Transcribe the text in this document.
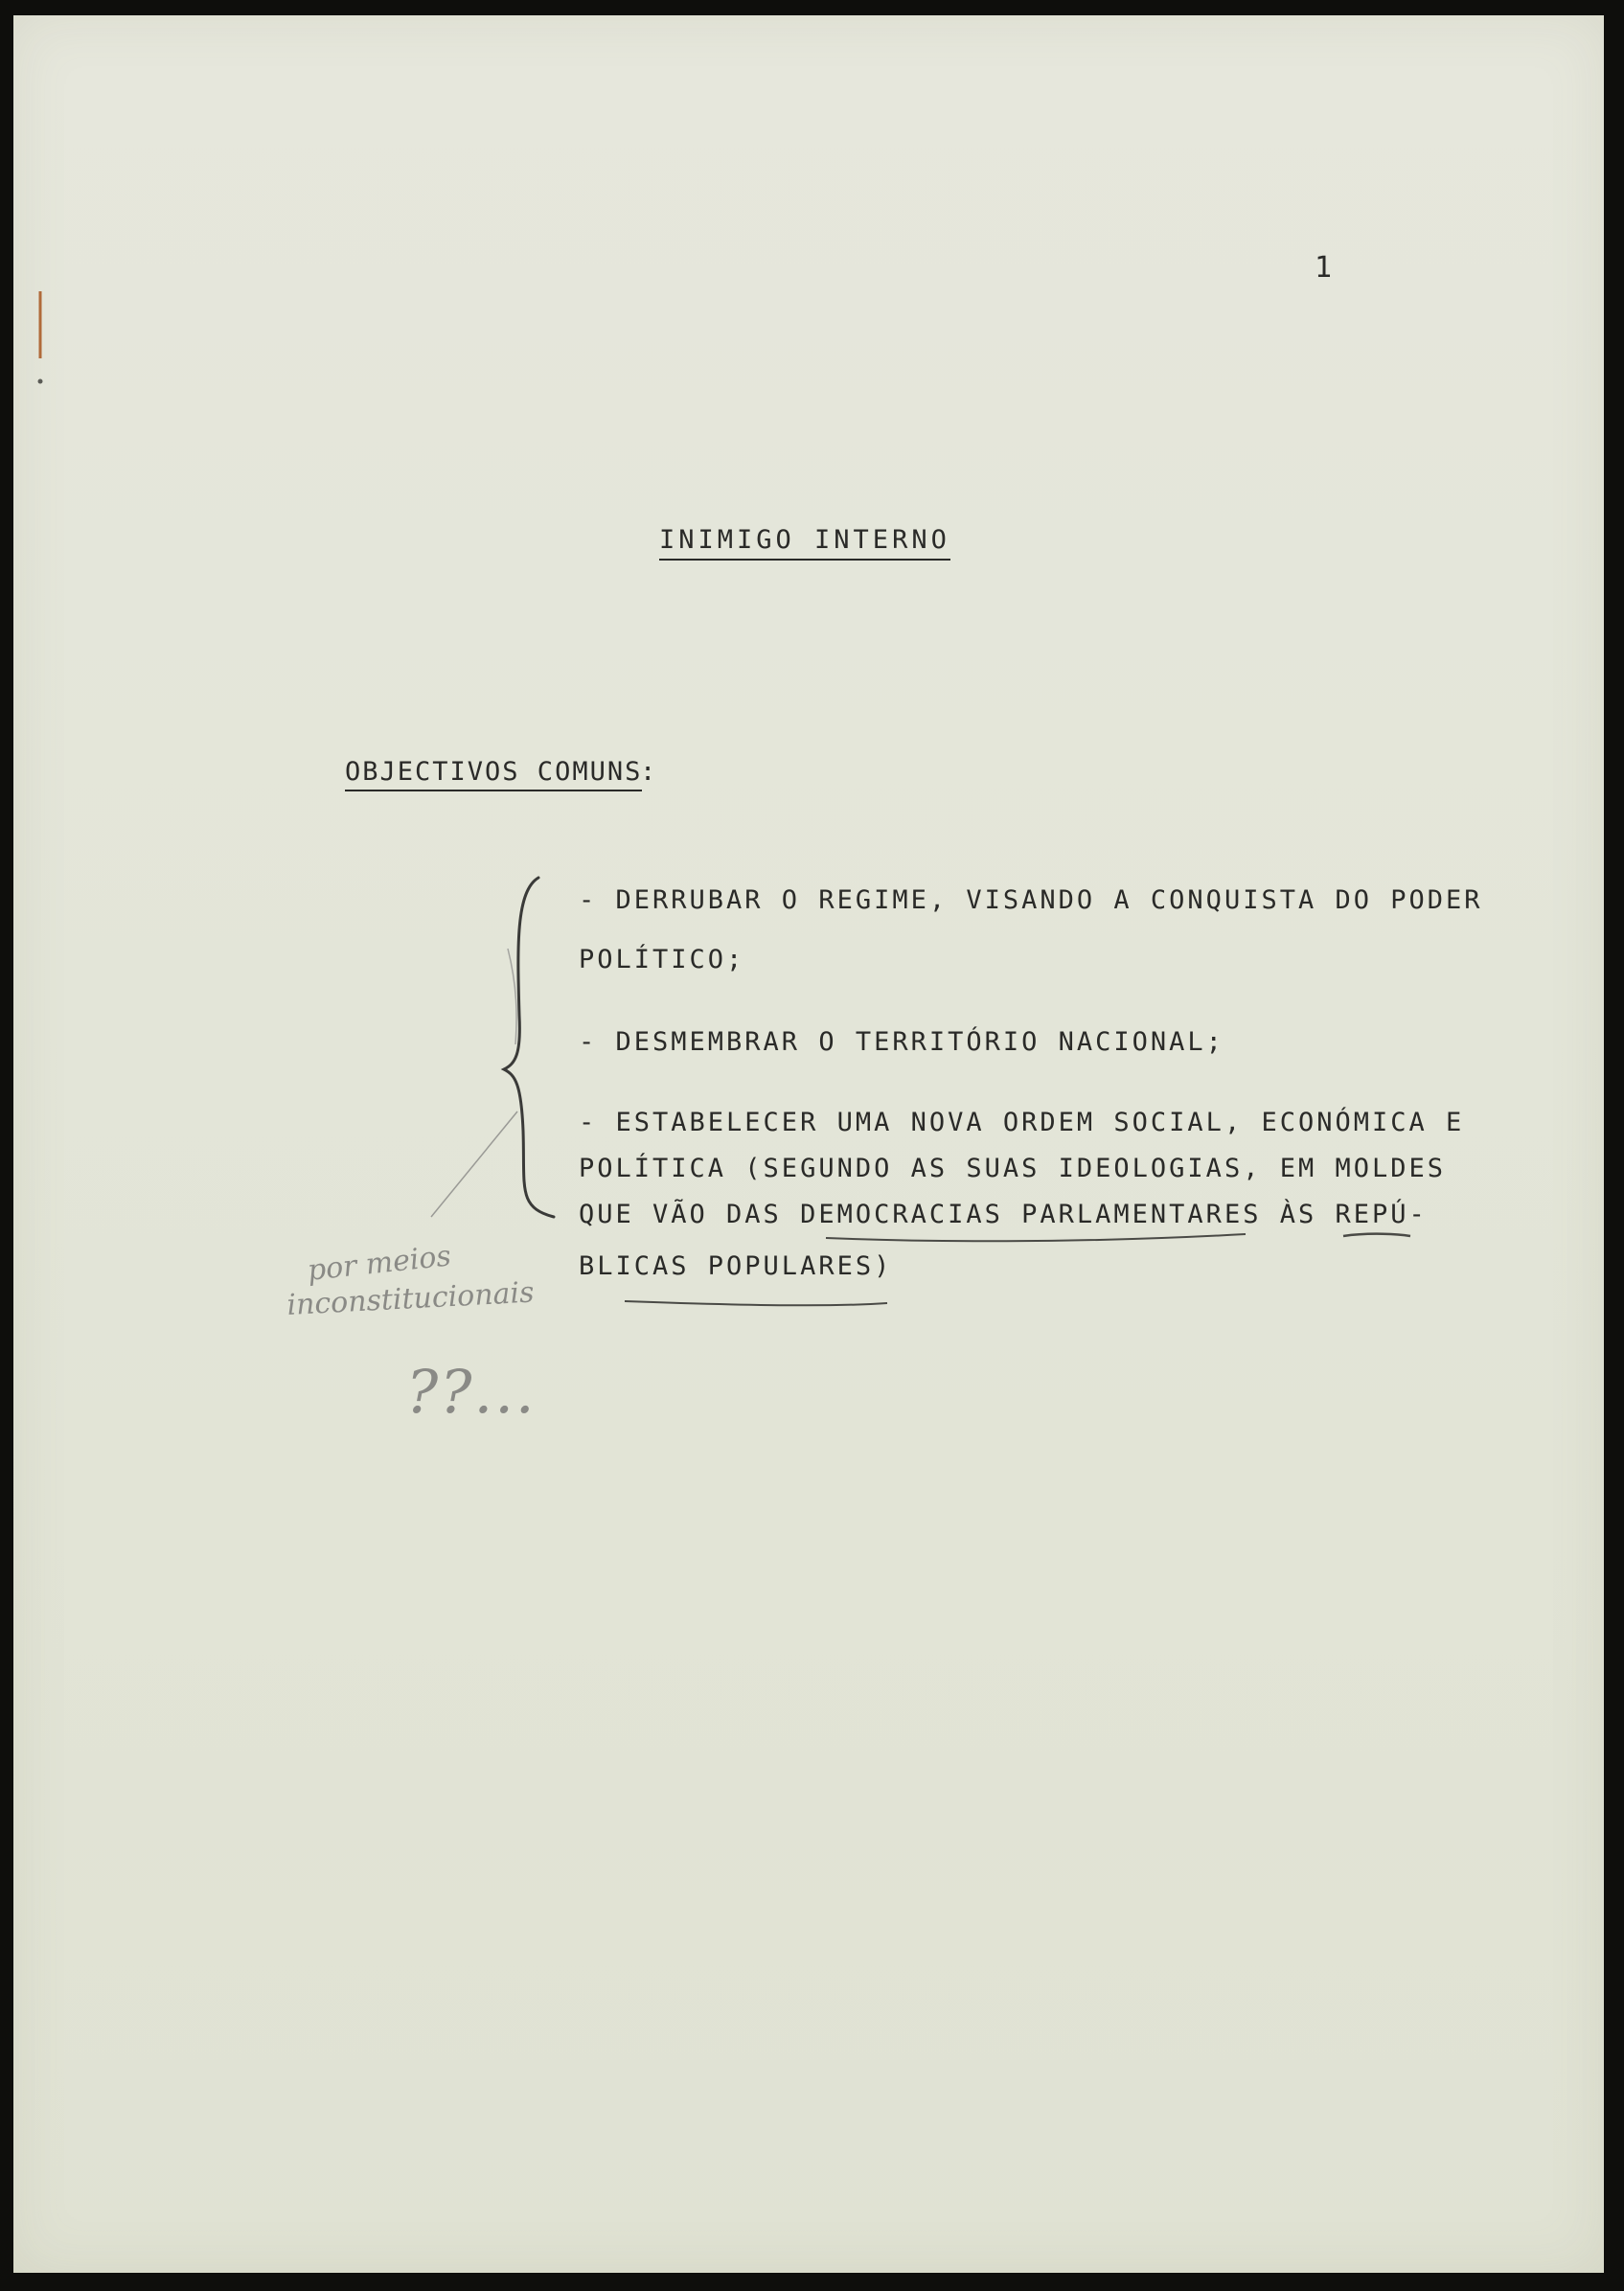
1

INIMIGO INTERNO
OBJECTIVOS COMUNS
:

- DERRUBAR O REGIME, VISANDO A CONQUISTA DO PODER

POLÍTICO;

- DESMEMBRAR O TERRITÓRIO NACIONAL;

- ESTABELECER UMA NOVA ORDEM SOCIAL, ECONÓMICA E

POLÍTICA (SEGUNDO AS SUAS IDEOLOGIAS, EM MOLDES

QUE VÃO DAS DEMOCRACIAS PARLAMENTARES ÀS REPÚ-

BLICAS POPULARES)

por meios
inconstitucionais
??...
